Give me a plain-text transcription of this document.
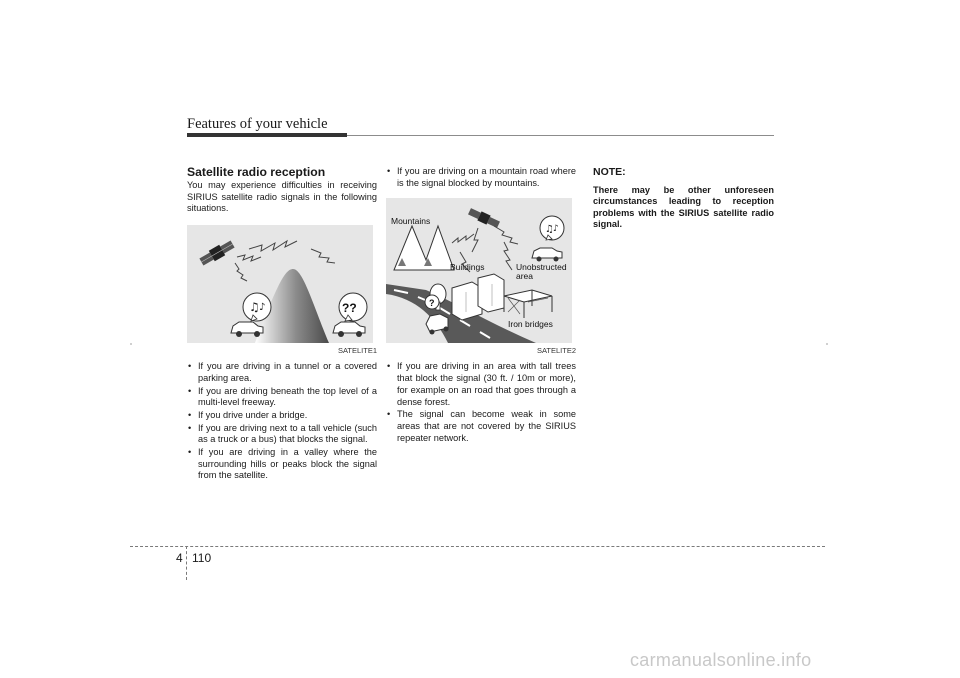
Features of your vehicle
Satellite radio reception

You may experience difficulties in receiving SIRIUS satellite radio signals in the following situations.

♫ ♪	??
SATELITE1
• If you are driving in a tunnel or a covered parking area.
• If you are driving beneath the top level of a multi-level freeway.
• If you drive under a bridge.
• If you are driving next to a tall vehicle (such as a truck or a bus) that blocks the signal.
• If you are driving in a valley where the surrounding hills or peaks block the signal from the satellite.
• If you are driving on a mountain road where is the signal blocked by mountains.
Mountains
Buildings
?
Iron bridges
♫ ♪
Unobstructed
area
SATELITE2
• If you are driving in an area with tall trees that block the signal (30 ft. / 10m or more), for example on an road that goes through a dense forest.
• The signal can become weak in some areas that are not covered by the SIRIUS repeater network.
NOTE:

There may be other unforeseen circumstances leading to reception problems with the SIRIUS satellite radio signal.

4 110
carmanualsonline.info
